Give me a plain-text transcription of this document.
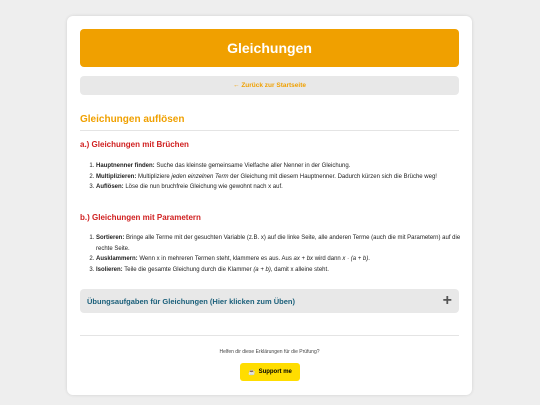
Gleichungen
← Zurück zur Startseite
Gleichungen auflösen
a.) Gleichungen mit Brüchen
1. Hauptnenner finden: Suche das kleinste gemeinsame Vielfache aller Nenner in der Gleichung.
2. Multiplizieren: Multipliziere jeden einzelnen Term der Gleichung mit diesem Hauptnenner. Dadurch kürzen sich die Brüche weg!
3. Auflösen: Löse die nun bruchfreie Gleichung wie gewohnt nach x auf.
b.) Gleichungen mit Parametern
1. Sortieren: Bringe alle Terme mit der gesuchten Variable (z.B. x) auf die linke Seite, alle anderen Terme (auch die mit Parametern) auf die rechte Seite.
2. Ausklammern: Wenn x in mehreren Termen steht, klammere es aus. Aus ax + bx wird dann x · (a + b).
3. Isolieren: Teile die gesamte Gleichung durch die Klammer (a + b), damit x alleine steht.
Übungsaufgaben für Gleichungen (Hier klicken zum Üben)	+
Helfen dir diese Erklärungen für die Prüfung?
☕ Support me
